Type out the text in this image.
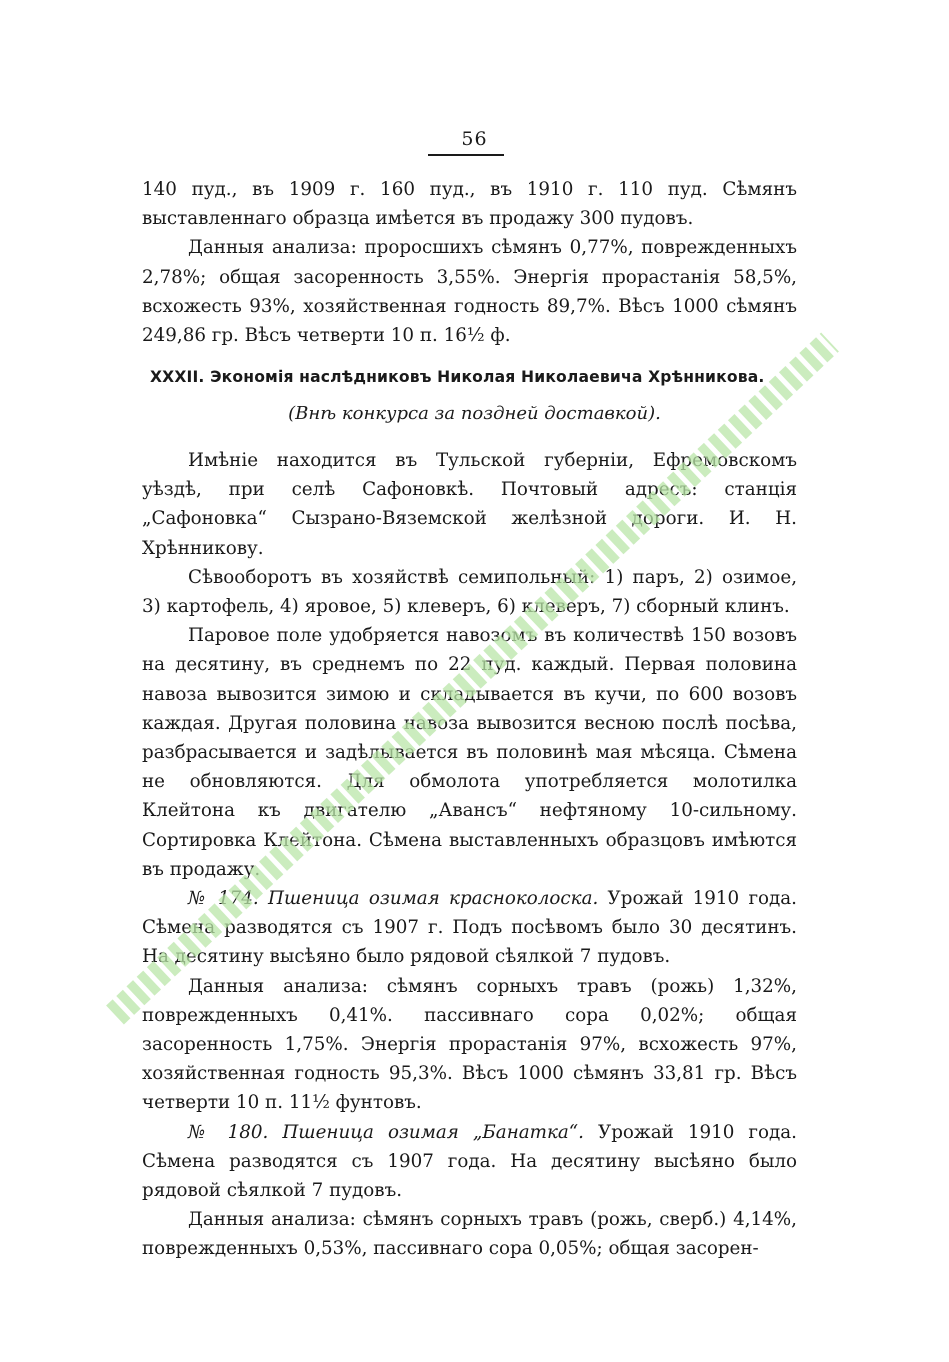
56

140 пуд., въ 1909 г. 160 пуд., въ 1910 г. 110 пуд. Сѣмянъ выставленнаго образца имѣется въ продажу 300 пудовъ.

Данныя анализа: проросшихъ сѣмянъ 0,77%, поврежденныхъ 2,78%; общая засоренность 3,55%. Энергія прорастанія 58,5%, всхожесть 93%, хозяйственная годность 89,7%. Вѣсъ 1000 сѣмянъ 249,86 гр. Вѣсъ четверти 10 п. 16½ ф.

XXXII. Экономія наслѣдниковъ Николая Николаевича Хрѣнникова.
(Внѣ конкурса за поздней доставкой).

Имѣніе находится въ Тульской губерніи, Ефремовскомъ уѣздѣ, при селѣ Сафоновкѣ. Почтовый адресъ: станція „Сафоновка“ Сызрано-Вяземской желѣзной дороги. И. Н. Хрѣнникову.

Сѣвооборотъ въ хозяйствѣ семипольный: 1) паръ, 2) озимое, 3) картофель, 4) яровое, 5) клеверъ, 6) клеверъ, 7) сборный клинъ.

Паровое поле удобряется навозомъ въ количествѣ 150 возовъ на десятину, въ среднемъ по 22 пуд. каждый. Первая половина навоза вывозится зимою и складывается въ кучи, по 600 возовъ каждая. Другая половина навоза вывозится весною послѣ посѣва, разбрасывается и задѣлывается въ половинѣ мая мѣсяца. Сѣмена не обновляются. Для обмолота употребляется молотилка Клейтона къ двигателю „Авансъ“ нефтяному 10-сильному. Сортировка Клейтона. Сѣмена выставленныхъ образцовъ имѣются въ продажу.

№ 174. Пшеница озимая красноколоска. Урожай 1910 года. Сѣмена разводятся съ 1907 г. Подъ посѣвомъ было 30 десятинъ. На десятину высѣяно было рядовой сѣялкой 7 пудовъ.

Данныя анализа: сѣмянъ сорныхъ травъ (рожь) 1,32%, поврежденныхъ 0,41%. пассивнаго сора 0,02%; общая засоренность 1,75%. Энергія прорастанія 97%, всхожесть 97%, хозяйственная годность 95,3%. Вѣсъ 1000 сѣмянъ 33,81 гр. Вѣсъ четверти 10 п. 11½ фунтовъ.

№ 180. Пшеница озимая „Банатка“. Урожай 1910 года. Сѣмена разводятся съ 1907 года. На десятину высѣяно было рядовой сѣялкой 7 пудовъ.

Данныя анализа: сѣмянъ сорныхъ травъ (рожь, сверб.) 4,14%, поврежденныхъ 0,53%, пассивнаго сора 0,05%; общая засорен-
